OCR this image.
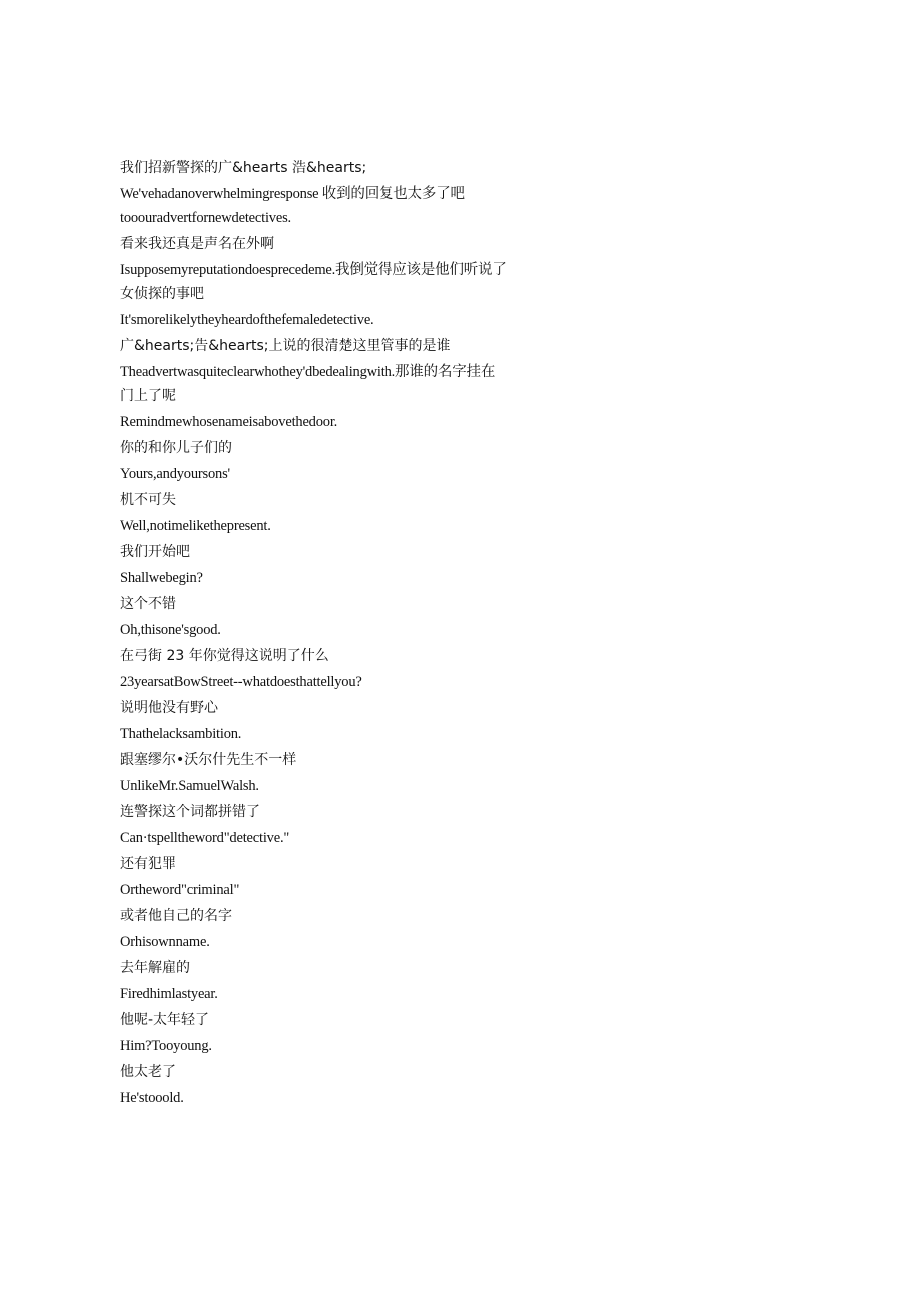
我们招新警探的广&hearts 浩&hearts;

We'vehadanoverwhelmingresponse 收到的回复也太多了吧

tooouradvertfornewdetectives.

看来我还真是声名在外啊

Isupposemyreputationdoesprecedeme.我倒觉得应该是他们听说了

女侦探的事吧

It'smorelikelytheyheardofthefemaledetective.

广&hearts;告&hearts;上说的很清楚这里管事的是谁

Theadvertwasquiteclearwhothey'dbedealingwith.那谁的名字挂在

门上了呢

Remindmewhosenameisabovethedoor.

你的和你儿子们的

Yours,andyoursons'

机不可失

Well,notimelikethepresent.

我们开始吧

Shallwebegin?

这个不错

Oh,thisone'sgood.

在弓街 23 年你觉得这说明了什么

23yearsatBowStreet--whatdoesthattellyou?

说明他没有野心

Thathelacksambition.

跟塞缪尔•沃尔什先生不一样

UnlikeMr.SamuelWalsh.

连警探这个词都拼错了

Can·tspelltheword"detective."

还有犯罪

Ortheword"criminal"

或者他自己的名字

Orhisownname.

去年解雇的

Firedhimlastyear.

他呢-太年轻了

Him?Tooyoung.

他太老了

He'stooold.
